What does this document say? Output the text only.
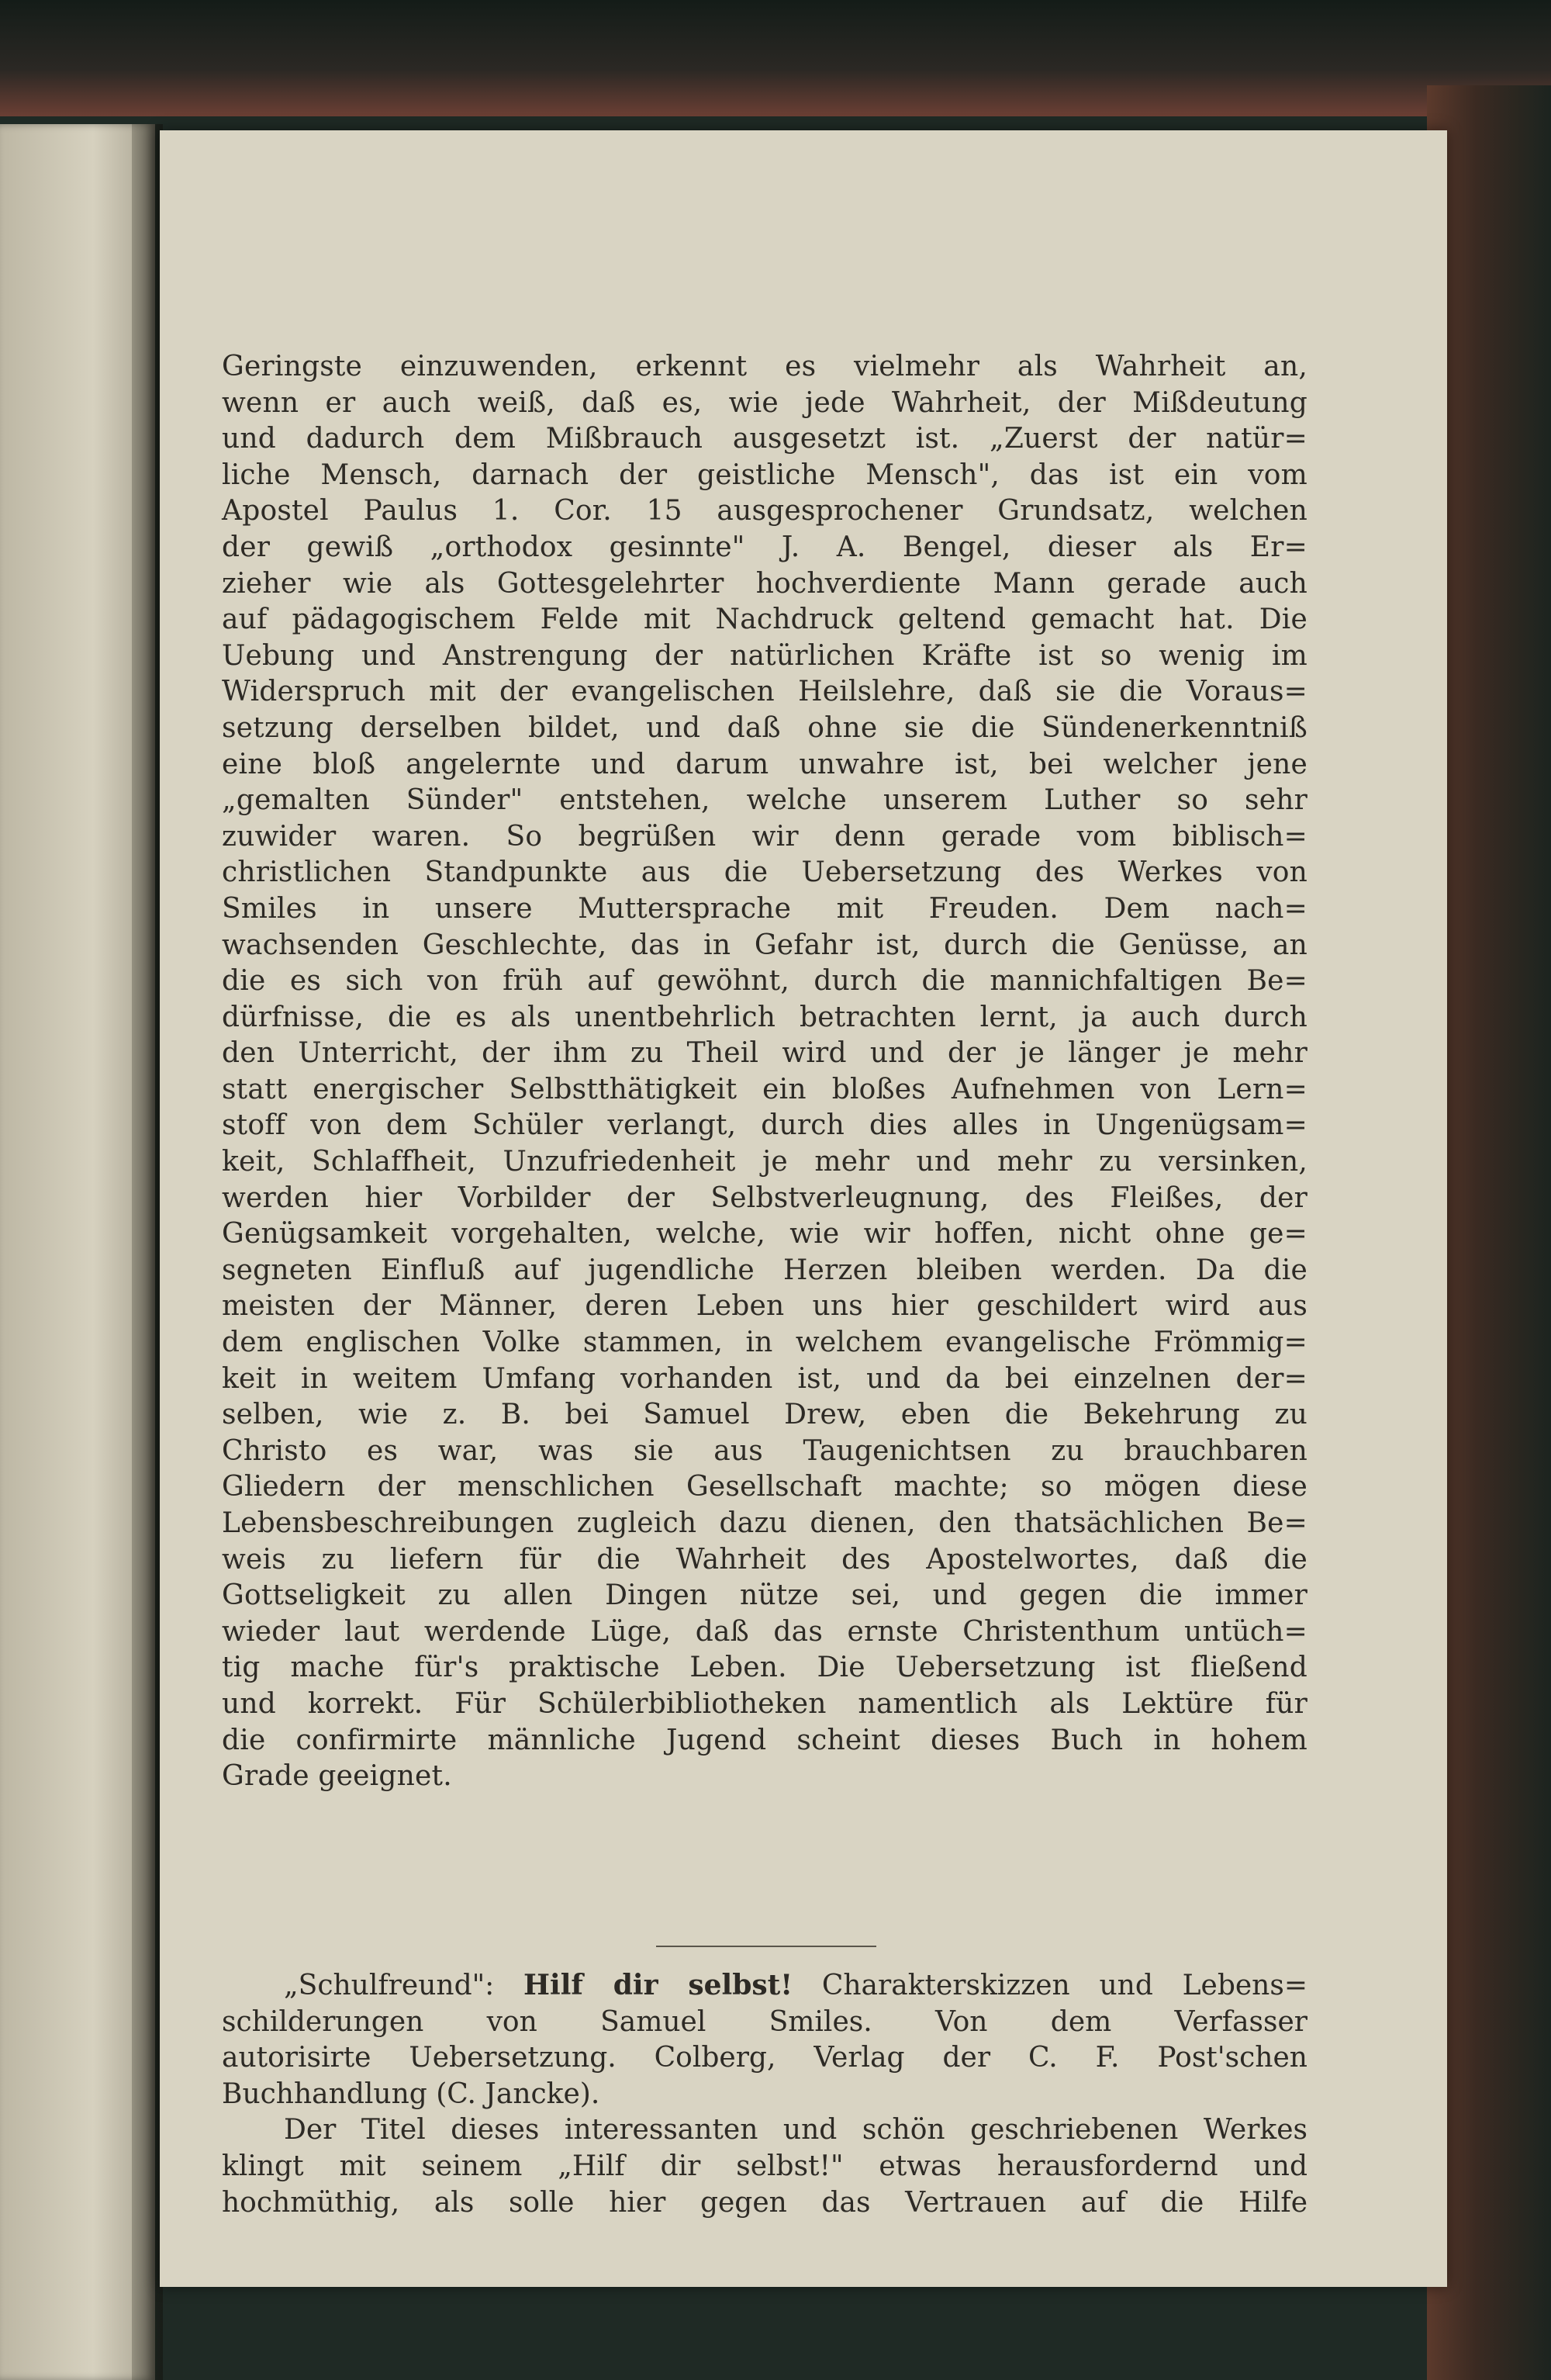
Geringste einzuwenden, erkennt es vielmehr als Wahrheit an,
wenn er auch weiß, daß es, wie jede Wahrheit, der Mißdeutung
und dadurch dem Mißbrauch ausgesetzt ist. „Zuerst der natür=
liche Mensch, darnach der geistliche Mensch", das ist ein vom
Apostel Paulus 1. Cor. 15 ausgesprochener Grundsatz, welchen
der gewiß „orthodox gesinnte" J. A. Bengel, dieser als Er=
zieher wie als Gottesgelehrter hochverdiente Mann gerade auch
auf pädagogischem Felde mit Nachdruck geltend gemacht hat. Die
Uebung und Anstrengung der natürlichen Kräfte ist so wenig im
Widerspruch mit der evangelischen Heilslehre, daß sie die Voraus=
setzung derselben bildet, und daß ohne sie die Sündenerkenntniß
eine bloß angelernte und darum unwahre ist, bei welcher jene
„gemalten Sünder" entstehen, welche unserem Luther so sehr
zuwider waren. So begrüßen wir denn gerade vom biblisch=
christlichen Standpunkte aus die Uebersetzung des Werkes von
Smiles in unsere Muttersprache mit Freuden. Dem nach=
wachsenden Geschlechte, das in Gefahr ist, durch die Genüsse, an
die es sich von früh auf gewöhnt, durch die mannichfaltigen Be=
dürfnisse, die es als unentbehrlich betrachten lernt, ja auch durch
den Unterricht, der ihm zu Theil wird und der je länger je mehr
statt energischer Selbstthätigkeit ein bloßes Aufnehmen von Lern=
stoff von dem Schüler verlangt, durch dies alles in Ungenügsam=
keit, Schlaffheit, Unzufriedenheit je mehr und mehr zu versinken,
werden hier Vorbilder der Selbstverleugnung, des Fleißes, der
Genügsamkeit vorgehalten, welche, wie wir hoffen, nicht ohne ge=
segneten Einfluß auf jugendliche Herzen bleiben werden. Da die
meisten der Männer, deren Leben uns hier geschildert wird aus
dem englischen Volke stammen, in welchem evangelische Frömmig=
keit in weitem Umfang vorhanden ist, und da bei einzelnen der=
selben, wie z. B. bei Samuel Drew, eben die Bekehrung zu
Christo es war, was sie aus Taugenichtsen zu brauchbaren
Gliedern der menschlichen Gesellschaft machte; so mögen diese
Lebensbeschreibungen zugleich dazu dienen, den thatsächlichen Be=
weis zu liefern für die Wahrheit des Apostelwortes, daß die
Gottseligkeit zu allen Dingen nütze sei, und gegen die immer
wieder laut werdende Lüge, daß das ernste Christenthum untüch=
tig mache für's praktische Leben. Die Uebersetzung ist fließend
und korrekt. Für Schülerbibliotheken namentlich als Lektüre für
die confirmirte männliche Jugend scheint dieses Buch in hohem
Grade geeignet.
„Schulfreund": Hilf dir selbst! Charakterskizzen und Lebens=
schilderungen von Samuel Smiles. Von dem Verfasser
autorisirte Uebersetzung. Colberg, Verlag der C. F. Post'schen
Buchhandlung (C. Jancke).
Der Titel dieses interessanten und schön geschriebenen Werkes
klingt mit seinem „Hilf dir selbst!" etwas herausfordernd und
hochmüthig, als solle hier gegen das Vertrauen auf die Hilfe
